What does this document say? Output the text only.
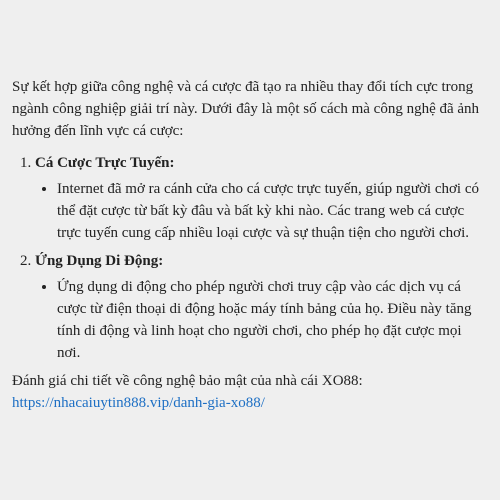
Sự kết hợp giữa công nghệ và cá cược đã tạo ra nhiều thay đổi tích cực trong ngành công nghiệp giải trí này. Dưới đây là một số cách mà công nghệ đã ảnh hưởng đến lĩnh vực cá cược:

1. Cá Cược Trực Tuyến:
• Internet đã mở ra cánh cửa cho cá cược trực tuyến, giúp người chơi có thể đặt cược từ bất kỳ đâu và bất kỳ khi nào. Các trang web cá cược trực tuyến cung cấp nhiều loại cược và sự thuận tiện cho người chơi.
2. Ứng Dụng Di Động:
• Ứng dụng di động cho phép người chơi truy cập vào các dịch vụ cá cược từ điện thoại di động hoặc máy tính bảng của họ. Điều này tăng tính di động và linh hoạt cho người chơi, cho phép họ đặt cược mọi nơi.

Đánh giá chi tiết về công nghệ bảo mật của nhà cái XO88:
https://nhacaiuytin888.vip/danh-gia-xo88/
